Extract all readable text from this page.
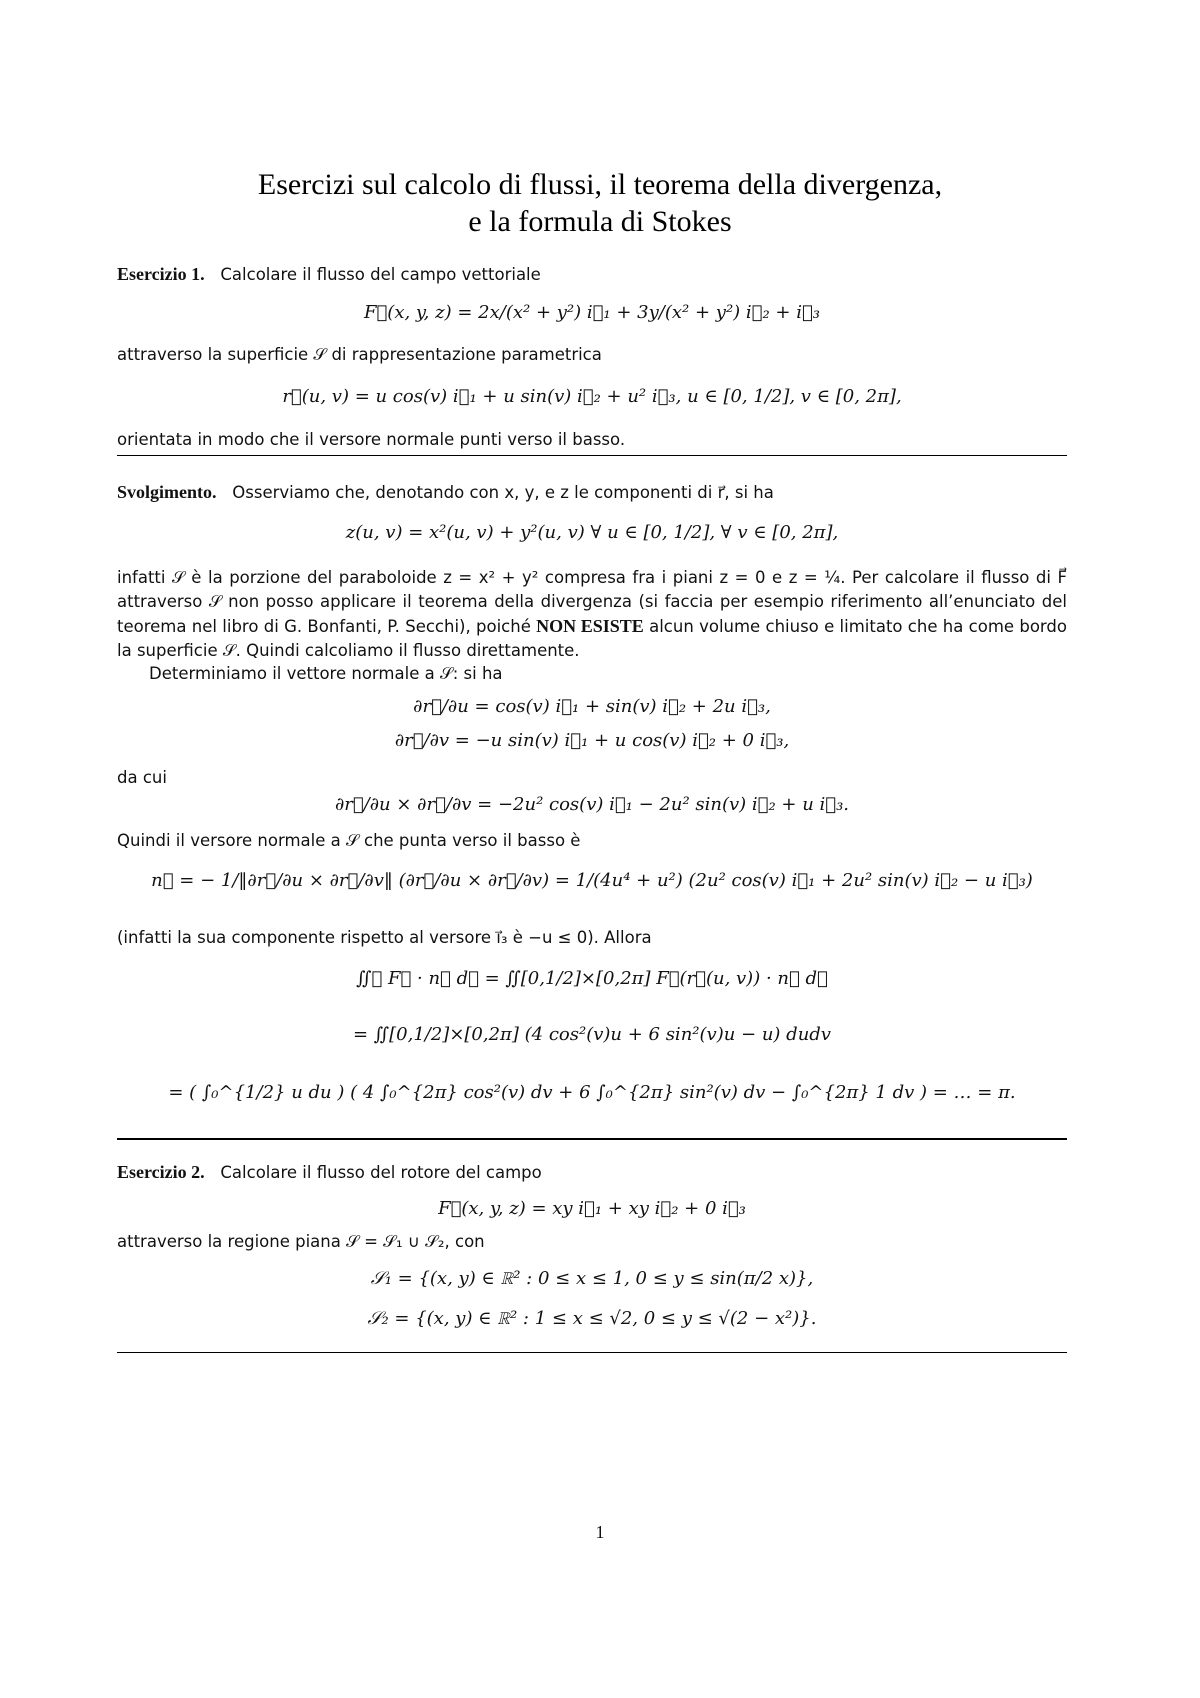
Esercizi sul calcolo di flussi, il teorema della divergenza,
e la formula di Stokes
Esercizio 1. Calcolare il flusso del campo vettoriale
F⃗(x, y, z) = 2x/(x² + y²) i⃗₁ + 3y/(x² + y²) i⃗₂ + i⃗₃
attraverso la superficie 𝒮 di rappresentazione parametrica
r⃗(u, v) = u cos(v) i⃗₁ + u sin(v) i⃗₂ + u² i⃗₃, u ∈ [0, 1/2], v ∈ [0, 2π],
orientata in modo che il versore normale punti verso il basso.
Svolgimento. Osserviamo che, denotando con x, y, e z le componenti di r⃗, si ha
z(u, v) = x²(u, v) + y²(u, v) ∀ u ∈ [0, 1/2], ∀ v ∈ [0, 2π],
infatti 𝒮 è la porzione del paraboloide z = x² + y² compresa fra i piani z = 0 e z = ¼. Per calcolare il flusso di F⃗ attraverso 𝒮 non posso applicare il teorema della divergenza (si faccia per esempio riferimento all’enunciato del teorema nel libro di G. Bonfanti, P. Secchi), poiché NON ESISTE alcun volume chiuso e limitato che ha come bordo la superficie 𝒮. Quindi calcoliamo il flusso direttamente.
Determiniamo il vettore normale a 𝒮: si ha
∂r⃗/∂u = cos(v) i⃗₁ + sin(v) i⃗₂ + 2u i⃗₃,
∂r⃗/∂v = −u sin(v) i⃗₁ + u cos(v) i⃗₂ + 0 i⃗₃,
da cui
∂r⃗/∂u × ∂r⃗/∂v = −2u² cos(v) i⃗₁ − 2u² sin(v) i⃗₂ + u i⃗₃.
Quindi il versore normale a 𝒮 che punta verso il basso è
n⃗ = − 1/‖∂r⃗/∂u × ∂r⃗/∂v‖ (∂r⃗/∂u × ∂r⃗/∂v) = 1/(4u⁴ + u²) (2u² cos(v) i⃗₁ + 2u² sin(v) i⃗₂ − u i⃗₃)
(infatti la sua componente rispetto al versore i⃗₃ è −u ≤ 0). Allora
∬𝒮 F⃗ · n⃗ d𝒮 = ∬[0,1/2]×[0,2π] F⃗(r⃗(u, v)) · n⃗ d𝒮
= ∬[0,1/2]×[0,2π] (4 cos²(v)u + 6 sin²(v)u − u) dudv
= ( ∫₀^{1/2} u du ) ( 4 ∫₀^{2π} cos²(v) dv + 6 ∫₀^{2π} sin²(v) dv − ∫₀^{2π} 1 dv ) = … = π.
Esercizio 2. Calcolare il flusso del rotore del campo
F⃗(x, y, z) = xy i⃗₁ + xy i⃗₂ + 0 i⃗₃
attraverso la regione piana 𝒮 = 𝒮₁ ∪ 𝒮₂, con
𝒮₁ = {(x, y) ∈ ℝ² : 0 ≤ x ≤ 1, 0 ≤ y ≤ sin(π/2 x)},
𝒮₂ = {(x, y) ∈ ℝ² : 1 ≤ x ≤ √2, 0 ≤ y ≤ √(2 − x²)}.
1
